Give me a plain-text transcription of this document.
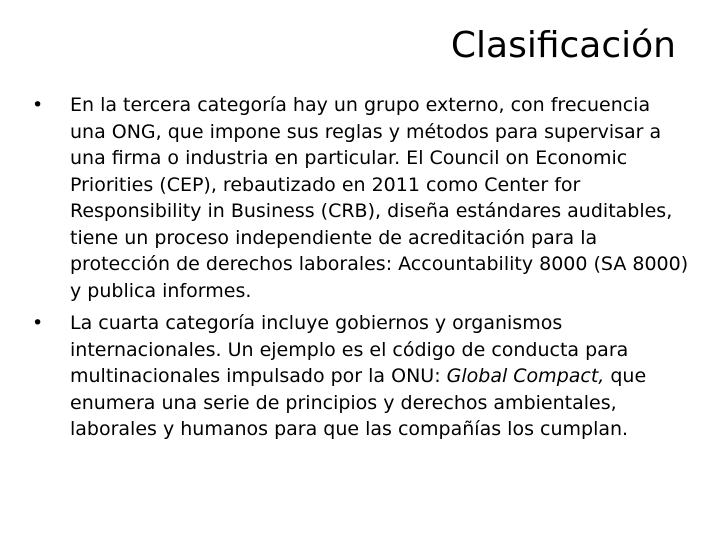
Clasificación
•	En la tercera categoría hay un grupo externo, con frecuencia una ONG, que impone sus reglas y métodos para supervisar a una firma o industria en particular. El Council on Economic Priorities (CEP), rebautizado en 2011 como Center for Responsibility in Business (CRB), diseña estándares auditables, tiene un proceso independiente de acreditación para la protección de derechos laborales: Accountability 8000 (SA 8000) y publica informes.
•	La cuarta categoría incluye gobiernos y organismos internacionales. Un ejemplo es el código de conducta para multinacionales impulsado por la ONU: Global Compact, que enumera una serie de principios y derechos ambientales, laborales y humanos para que las compañías los cumplan.
